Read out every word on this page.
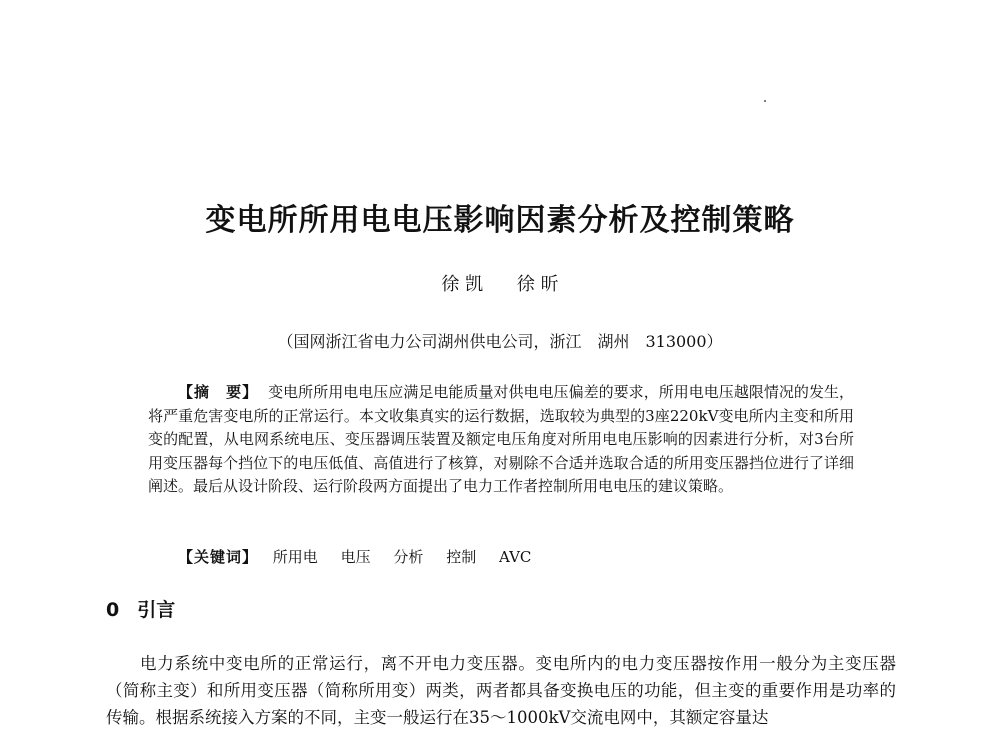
变电所所用电电压影响因素分析及控制策略
徐 凯 徐 昕
（国网浙江省电力公司湖州供电公司，浙江　湖州　313000）
【摘　要】 变电所所用电电压应满足电能质量对供电电压偏差的要求，所用电电压越限情况的发生，将严重危害变电所的正常运行。本文收集真实的运行数据，选取较为典型的3座220kV变电所内主变和所用变的配置，从电网系统电压、变压器调压装置及额定电压角度对所用电电压影响的因素进行分析，对3台所用变压器每个挡位下的电压低值、高值进行了核算，对剔除不合适并选取合适的所用变压器挡位进行了详细阐述。最后从设计阶段、运行阶段两方面提出了电力工作者控制所用电电压的建议策略。
【关键词】 所用电 电压 分析 控制 AVC
0 引言
电力系统中变电所的正常运行，离不开电力变压器。变电所内的电力变压器按作用一般分为主变压器（简称主变）和所用变压器（简称所用变）两类，两者都具备变换电压的功能，但主变的重要作用是功率的传输。根据系统接入方案的不同，主变一般运行在35～1000kV交流电网中，其额定容量达
